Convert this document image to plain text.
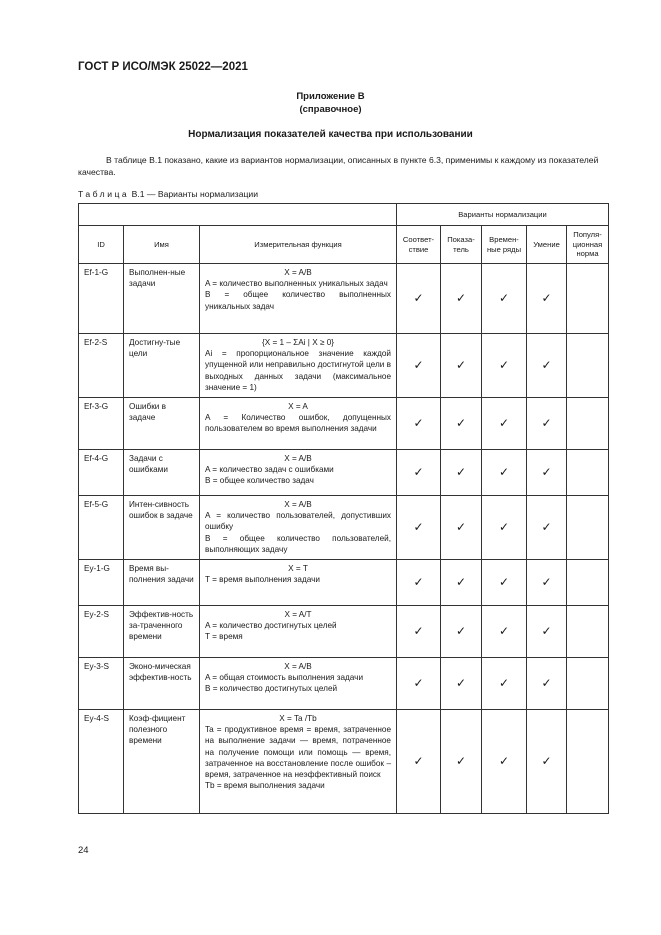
ГОСТ Р ИСО/МЭК 25022—2021
Приложение В
(справочное)
Нормализация показателей качества при использовании
В таблице В.1 показано, какие из вариантов нормализации, описанных в пункте 6.3, применимы к каждому из показателей качества.
Таблица В.1 — Варианты нормализации
			Варианты нормализации				
ID	Имя	Измерительная функция	Соответ-ствие	Показа-тель	Времен-ные ряды	Умение	Популя-ционная норма
Ef-1-G	Выполнен-ные задачи	X = A/B
A = количество выполненных уникальных задач
B = общее количество выполненных уникальных задач	✓	✓	✓	✓	
Ef-2-S	Достигну-тые цели	{X = 1 – ΣAi | X ≥ 0}
Ai = пропорциональное значение каждой упущенной или неправильно достигнутой цели в выходных данных задачи (максимальное значение = 1)	✓	✓	✓	✓	
Ef-3-G	Ошибки в задаче	X = A
A = Количество ошибок, допущенных пользователем во время выполнения задачи	✓	✓	✓	✓	
Ef-4-G	Задачи с ошибками	X = A/B
A = количество задач с ошибками
B = общее количество задач	✓	✓	✓	✓	
Ef-5-G	Интен-сивность ошибок в задаче	X = A/B
A = количество пользователей, допустивших ошибку
B = общее количество пользователей, выполняющих задачу	✓	✓	✓	✓	
Ey-1-G	Время вы-полнения задачи	X = T
T = время выполнения задачи	✓	✓	✓	✓	
Ey-2-S	Эффектив-ность за-траченного времени	X = A/T
A = количество достигнутых целей
T = время	✓	✓	✓	✓	
Ey-3-S	Эконо-мическая эффектив-ность	X = A/B
A = общая стоимость выполнения задачи
B = количество достигнутых целей	✓	✓	✓	✓	
Ey-4-S	Коэф-фициент полезного времени	X = Ta /Tb
Ta = продуктивное время = время, затраченное на выполнение задачи — время, потраченное на получение помощи или помощь — время, затраченное на восстановление после ошибок – время, затраченное на неэффективный поиск
Tb = время выполнения задачи	✓	✓	✓	✓	
24
